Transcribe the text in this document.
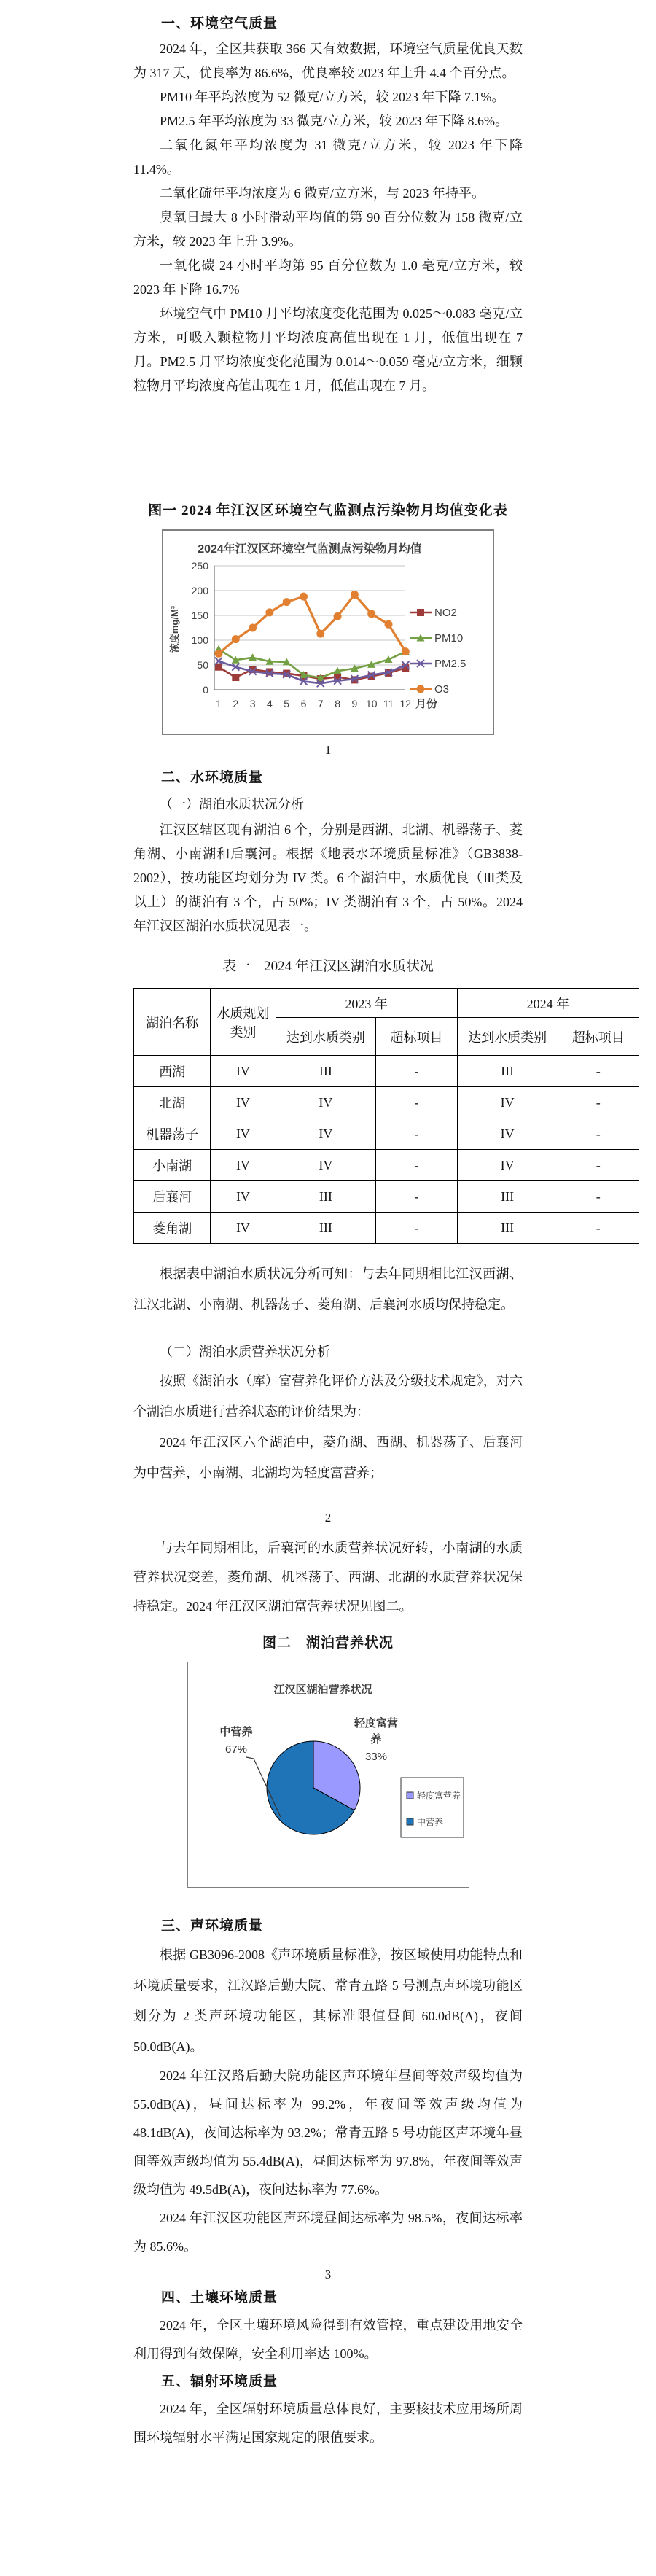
一、环境空气质量

2024 年，全区共获取 366 天有效数据，环境空气质量优良天数为 317 天，优良率为 86.6%，优良率较 2023 年上升 4.4 个百分点。

PM10 年平均浓度为 52 微克/立方米，较 2023 年下降 7.1%。

PM2.5 年平均浓度为 33 微克/立方米，较 2023 年下降 8.6%。

二氧化氮年平均浓度为 31 微克/立方米，较 2023 年下降 11.4%。

二氧化硫年平均浓度为 6 微克/立方米，与 2023 年持平。

臭氧日最大 8 小时滑动平均值的第 90 百分位数为 158 微克/立方米，较 2023 年上升 3.9%。

一氧化碳 24 小时平均第 95 百分位数为 1.0 毫克/立方米，较 2023 年下降 16.7%

环境空气中 PM10 月平均浓度变化范围为 0.025～0.083 毫克/立方米，可吸入颗粒物月平均浓度高值出现在 1 月，低值出现在 7 月。PM2.5 月平均浓度变化范围为 0.014～0.059 毫克/立方米，细颗粒物月平均浓度高值出现在 1 月，低值出现在 7 月。

图一 2024 年江汉区环境空气监测点污染物月均值变化表

0
50
100
150
200
250
1 2 3 4 5 6 7 8 9 10 11 12 月份
2024年江汉区环境空气监测点污染物月均值
浓度mg/M³	NO2
PM10
PM2.5
O3

1

二、水环境质量

（一）湖泊水质状况分析

江汉区辖区现有湖泊 6 个，分别是西湖、北湖、机器荡子、菱角湖、小南湖和后襄河。根据《地表水环境质量标准》（GB3838-2002），按功能区均划分为 IV 类。6 个湖泊中，水质优良（Ⅲ类及以上）的湖泊有 3 个，占 50%；IV 类湖泊有 3 个，占 50%。2024 年江汉区湖泊水质状况见表一。

表一　2024 年江汉区湖泊水质状况

湖泊名称	水质规划类别	2023 年		2024 年	
		达到水质类别	超标项目	达到水质类别	超标项目
西湖	IV	III	-	III	-
北湖	IV	IV	-	IV	-
机器荡子	IV	IV	-	IV	-
小南湖	IV	IV	-	IV	-
后襄河	IV	III	-	III	-
菱角湖	IV	III	-	III	-

根据表中湖泊水质状况分析可知：与去年同期相比江汉西湖、江汉北湖、小南湖、机器荡子、菱角湖、后襄河水质均保持稳定。

（二）湖泊水质营养状况分析

按照《湖泊水（库）富营养化评价方法及分级技术规定》，对六个湖泊水质进行营养状态的评价结果为：

2024 年江汉区六个湖泊中，菱角湖、西湖、机器荡子、后襄河为中营养，小南湖、北湖均为轻度富营养；

2

与去年同期相比，后襄河的水质营养状况好转，小南湖的水质营养状况变差，菱角湖、机器荡子、西湖、北湖的水质营养状况保持稳定。2024 年江汉区湖泊富营养状况见图二。

图二　湖泊营养状况

江汉区湖泊营养状况
中营养
67%
轻度富营
养
33%
轻度富营养
中营养
三、声环境质量

根据 GB3096-2008《声环境质量标准》，按区域使用功能特点和环境质量要求，江汉路后勤大院、常青五路 5 号测点声环境功能区划分为 2 类声环境功能区，其标准限值昼间 60.0dB(A)，夜间 50.0dB(A)。

2024 年江汉路后勤大院功能区声环境年昼间等效声级均值为 55.0dB(A)，昼间达标率为 99.2%，年夜间等效声级均值为 48.1dB(A)，夜间达标率为 93.2%；常青五路 5 号功能区声环境年昼间等效声级均值为 55.4dB(A)，昼间达标率为 97.8%，年夜间等效声级均值为 49.5dB(A)，夜间达标率为 77.6%。

2024 年江汉区功能区声环境昼间达标率为 98.5%，夜间达标率为 85.6%。

3

四、土壤环境质量

2024 年，全区土壤环境风险得到有效管控，重点建设用地安全利用得到有效保障，安全利用率达 100%。

五、辐射环境质量

2024 年，全区辐射环境质量总体良好，主要核技术应用场所周围环境辐射水平满足国家规定的限值要求。
